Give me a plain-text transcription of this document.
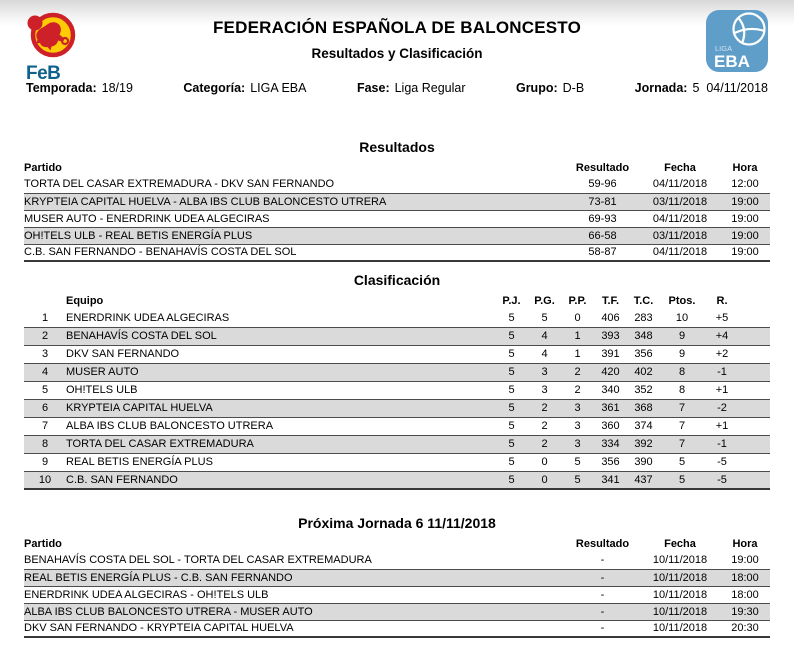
FeB
FEDERACIÓN ESPAÑOLA DE BALONCESTO
Resultados y Clasificación	LIGA
EBA
Temporada: 18/19	Categoría: LIGA EBA	Fase: Liga Regular	Grupo: D-B	Jornada: 5  04/11/2018
Resultados
Partido	Resultado	Fecha	Hora
TORTA DEL CASAR EXTREMADURA - DKV SAN FERNANDO	59-96	04/11/2018	12:00
KRYPTEIA CAPITAL HUELVA - ALBA IBS CLUB BALONCESTO UTRERA	73-81	03/11/2018	19:00
MUSER AUTO - ENERDRINK UDEA ALGECIRAS	69-93	04/11/2018	19:00
OH!TELS ULB - REAL BETIS ENERGÍA PLUS	66-58	03/11/2018	19:00
C.B. SAN FERNANDO - BENAHAVÍS COSTA DEL SOL	58-87	04/11/2018	19:00
Clasificación
	Equipo	P.J.	P.G.	P.P.	T.F.	T.C.	Ptos.	R.
1	ENERDRINK UDEA ALGECIRAS	5	5	0	406	283	10	+5
2	BENAHAVÍS COSTA DEL SOL	5	4	1	393	348	9	+4
3	DKV SAN FERNANDO	5	4	1	391	356	9	+2
4	MUSER AUTO	5	3	2	420	402	8	-1
5	OH!TELS ULB	5	3	2	340	352	8	+1
6	KRYPTEIA CAPITAL HUELVA	5	2	3	361	368	7	-2
7	ALBA IBS CLUB BALONCESTO UTRERA	5	2	3	360	374	7	+1
8	TORTA DEL CASAR EXTREMADURA	5	2	3	334	392	7	-1
9	REAL BETIS ENERGÍA PLUS	5	0	5	356	390	5	-5
10	C.B. SAN FERNANDO	5	0	5	341	437	5	-5
Próxima Jornada 6 11/11/2018
Partido	Resultado	Fecha	Hora
BENAHAVÍS COSTA DEL SOL - TORTA DEL CASAR EXTREMADURA	-	10/11/2018	19:00
REAL BETIS ENERGÍA PLUS - C.B. SAN FERNANDO	-	10/11/2018	18:00
ENERDRINK UDEA ALGECIRAS - OH!TELS ULB	-	10/11/2018	18:00
ALBA IBS CLUB BALONCESTO UTRERA - MUSER AUTO	-	10/11/2018	19:30
DKV SAN FERNANDO - KRYPTEIA CAPITAL HUELVA	-	10/11/2018	20:30
